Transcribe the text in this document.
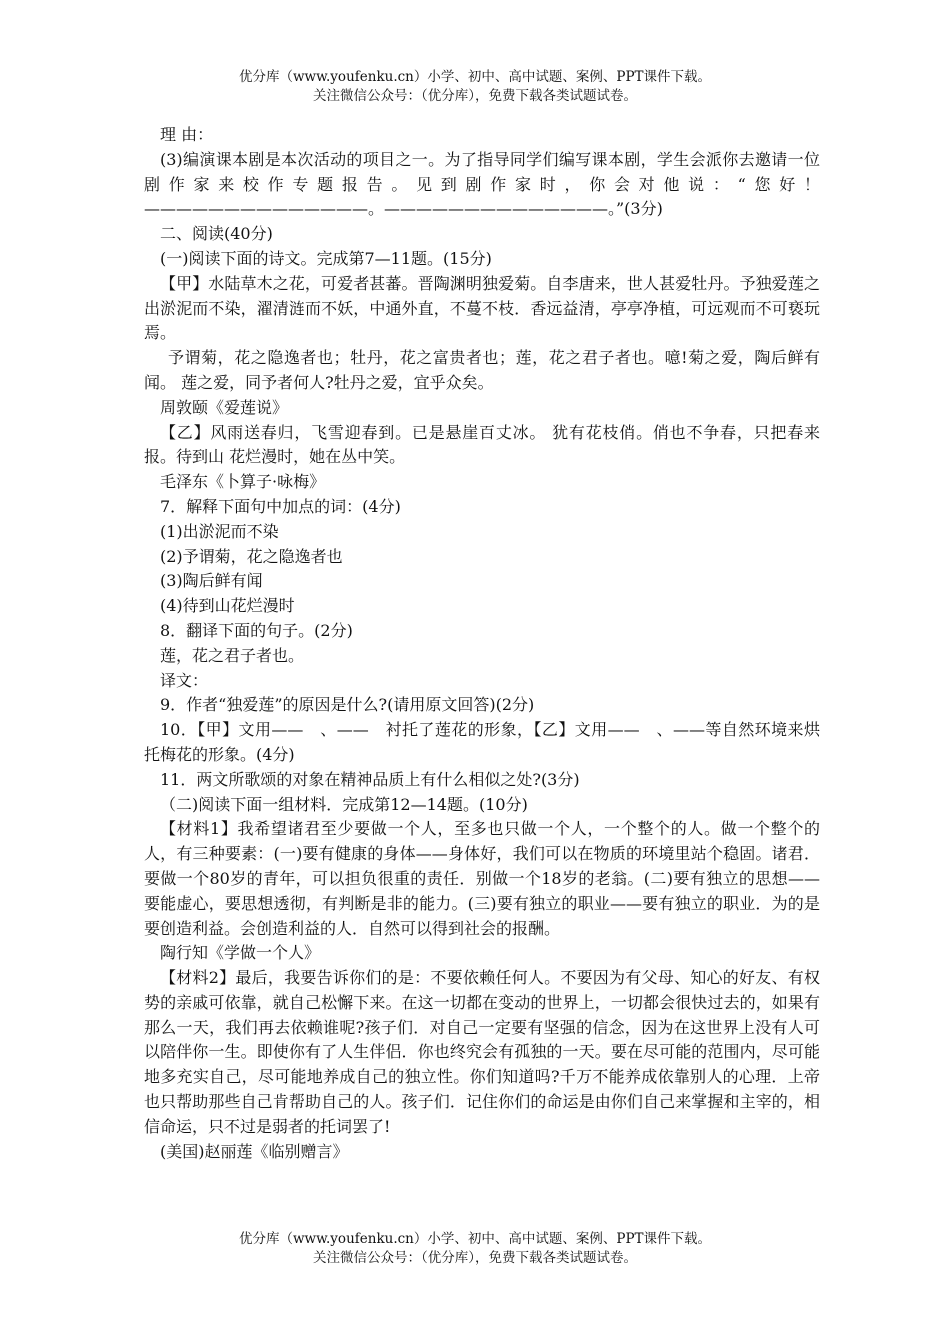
优分库（www.youfenku.cn）小学、初中、高中试题、案例、PPT课件下载。
关注微信公众号：（优分库），免费下载各类试题试卷。

理 由：

(3)编演课本剧是本次活动的项目之一。为了指导同学们编写课本剧，学生会派你去邀请一位剧作家来校作专题报告。见到剧作家时，你会对他说：“您好！——————————————。——————————————。”(3分)

二、阅读(40分)

(一)阅读下面的诗文。完成第7—11题。(15分)

【甲】水陆草木之花，可爱者甚蕃。晋陶渊明独爱菊。自李唐来，世人甚爱牡丹。予独爱莲之出淤泥而不染，濯清涟而不妖，中通外直，不蔓不枝．香远益清，亭亭净植，可远观而不可亵玩焉。

予谓菊，花之隐逸者也；牡丹，花之富贵者也；莲，花之君子者也。噫!菊之爱，陶后鲜有闻。 莲之爱，同予者何人?牡丹之爱，宜乎众矣。

周敦颐《爱莲说》

【乙】风雨送春归，飞雪迎春到。已是悬崖百丈冰。 犹有花枝俏。俏也不争春，只把春来报。待到山 花烂漫时，她在丛中笑。

毛泽东《卜算子·咏梅》

7．解释下面句中加点的词：(4分)

(1)出淤泥而不染

(2)予谓菊，花之隐逸者也

(3)陶后鲜有闻

(4)待到山花烂漫时

8．翻译下面的句子。(2分)

莲，花之君子者也。

译文：

9．作者“独爱莲”的原因是什么?(请用原文回答)(2分)

10．【甲】文用——　、——　衬托了莲花的形象，【乙】文用——　、——等自然环境来烘托梅花的形象。(4分)

11．两文所歌颂的对象在精神品质上有什么相似之处?(3分)

（二)阅读下面一组材料．完成第12—14题。(10分)

【材料1】我希望诸君至少要做一个人，至多也只做一个人，一个整个的人。做一个整个的人，有三种要素：(一)要有健康的身体——身体好，我们可以在物质的环境里站个稳固。诸君．要做一个80岁的青年，可以担负很重的责任．别做一个18岁的老翁。(二)要有独立的思想——要能虚心，要思想透彻，有判断是非的能力。(三)要有独立的职业——要有独立的职业．为的是要创造利益。会创造利益的人．自然可以得到社会的报酬。

陶行知《学做一个人》

【材料2】最后，我要告诉你们的是：不要依赖任何人。不要因为有父母、知心的好友、有权势的亲戚可依靠，就自己松懈下来。在这一切都在变动的世界上，一切都会很快过去的，如果有那么一天，我们再去依赖谁呢?孩子们．对自己一定要有坚强的信念，因为在这世界上没有人可以陪伴你一生。即使你有了人生伴侣．你也终究会有孤独的一天。要在尽可能的范围内，尽可能地多充实自己，尽可能地养成自己的独立性。你们知道吗?千万不能养成依靠别人的心理．上帝也只帮助那些自己肯帮助自己的人。孩子们．记住你们的命运是由你们自己来掌握和主宰的，相信命运，只不过是弱者的托词罢了!

(美国)赵丽莲《临别赠言》

优分库（www.youfenku.cn）小学、初中、高中试题、案例、PPT课件下载。
关注微信公众号：（优分库），免费下载各类试题试卷。
